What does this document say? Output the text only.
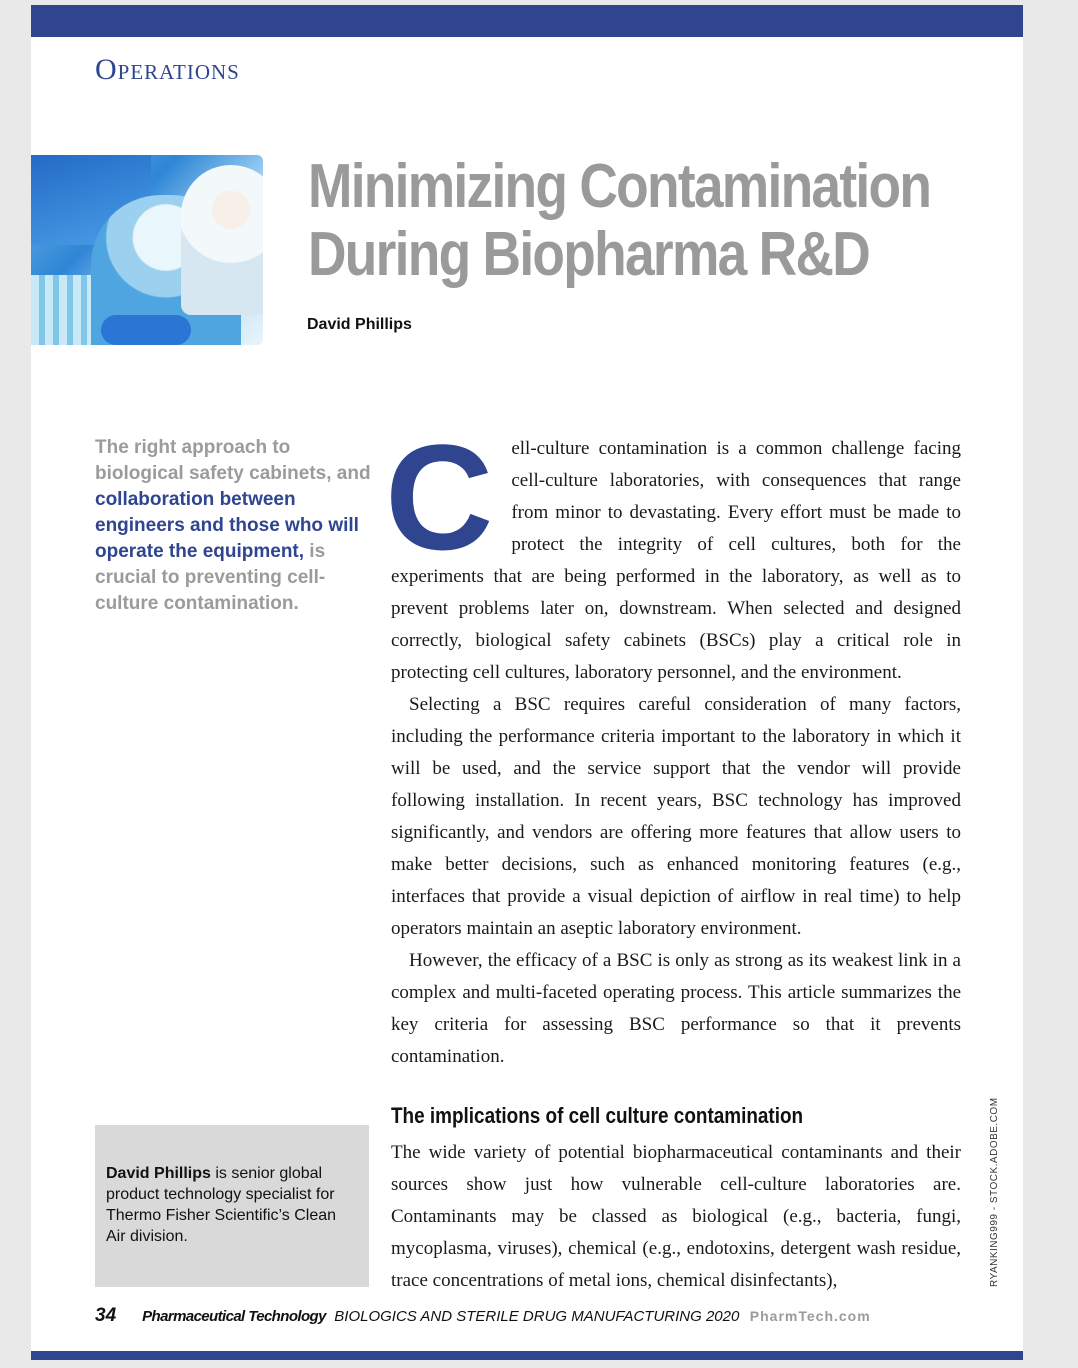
Operations
Minimizing Contamination
During Biopharma R&D
David Phillips
The right approach to biological safety cabinets, and collaboration between engineers and those who will operate the equipment, is crucial to preventing cell-culture contamination.

Cell-culture contamination is a common challenge facing cell-culture laboratories, with consequences that range from minor to devastating. Every effort must be made to protect the integrity of cell cultures, both for the experiments that are being performed in the laboratory, as well as to prevent problems later on, downstream. When selected and designed correctly, biological safety cabinets (BSCs) play a critical role in protecting cell cultures, laboratory personnel, and the environment.

Selecting a BSC requires careful consideration of many factors, including the performance criteria important to the laboratory in which it will be used, and the service support that the vendor will provide following installation. In recent years, BSC technology has improved significantly, and vendors are offering more features that allow users to make better decisions, such as enhanced monitoring features (e.g., interfaces that provide a visual depiction of airflow in real time) to help operators maintain an aseptic laboratory environment.

However, the efficacy of a BSC is only as strong as its weakest link in a complex and multi-faceted operating process. This article summarizes the key criteria for assessing BSC performance so that it prevents contamination.

The implications of cell culture contamination

The wide variety of potential biopharmaceutical contaminants and their sources show just how vulnerable cell-culture laboratories are. Contaminants may be classed as biological (e.g., bacteria, fungi, mycoplasma, viruses), chemical (e.g., endotoxins, detergent wash residue, trace concentrations of metal ions, chemical disinfectants),

David Phillips is senior global product technology specialist for Thermo Fisher Scientific’s Clean Air division.	RYANKING999 - STOCK.ADOBE.COM
34 Pharmaceutical Technology BIOLOGICS AND STERILE DRUG MANUFACTURING 2020 PharmTech.com
